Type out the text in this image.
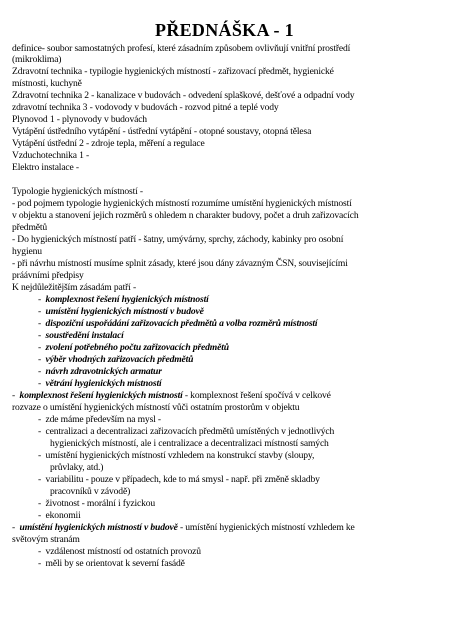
PŘEDNÁŠKA - 1
definice- soubor samostatných profesí, které zásadním způsobem ovlivňují vnitřní prostředí
(mikroklima)
Zdravotní technika - typilogie hygienických místností - zařizovací předmět, hygienické
místnosti, kuchyně
Zdravotní technika 2 - kanalizace v budovách - odvedení splaškové, dešťové a odpadní vody
zdravotní technika 3 - vodovody v budovách - rozvod pitné a teplé vody
Plynovod 1 - plynovody v budovách
Vytápění ústředního vytápění - ústřední vytápění - otopné soustavy, otopná tělesa
Vytápění ústřední 2 - zdroje tepla, měření a regulace
Vzduchotechnika 1 -
Elektro instalace -
Typologie hygienických místností -
- pod pojmem typologie hygienických místností rozumíme umístění hygienických místností
v objektu a stanovení jejich rozměrů s ohledem n charakter budovy, počet a druh zařizovacích
předmětů
- Do hygienických místností patří - šatny, umývárny, sprchy, záchody, kabinky pro osobní
hygienu
- při návrhu místností musíme splnit zásady, které jsou dány závazným ČSN, souvisejícími
práávními předpisy
K nejdůležitějším zásadám patří -
-  komplexnost řešení hygienických místností
-  umístění hygienických místností v budově
-  dispoziční uspořádání zařizovacích předmětů a volba rozměrů místností
-  soustředění instalací
-  zvolení potřebného počtu zařizovacích předmětů
-  výběr vhodných zařizovacích předmětů
-  návrh zdravotnických armatur
-  větrání hygienických místností
-  komplexnost řešení hygienických místností - komplexnost řešení spočívá v celkové
rozvaze o umístění hygienických místností vůči ostatním prostorům v objektu
-  zde máme především na mysl -
-  centralizaci a decentralizaci zařizovacích předmětů umístěných v jednotlivých
hygienických místností, ale i centralizace a decentralizaci místností samých
-  umístění hygienických místností vzhledem na konstrukcí stavby (sloupy,
průvlaky, atd.)
-  variabilitu - pouze v případech, kde to má smysl - např. při změně skladby
pracovníků v závodě)
-  životnost - morální i fyzickou
-  ekonomii
-  umístění hygienických místností v budově - umístění hygienických místností vzhledem ke
světovým stranám
-  vzdálenost místností od ostatních provozů
-  měli by se orientovat k severní fasádě
